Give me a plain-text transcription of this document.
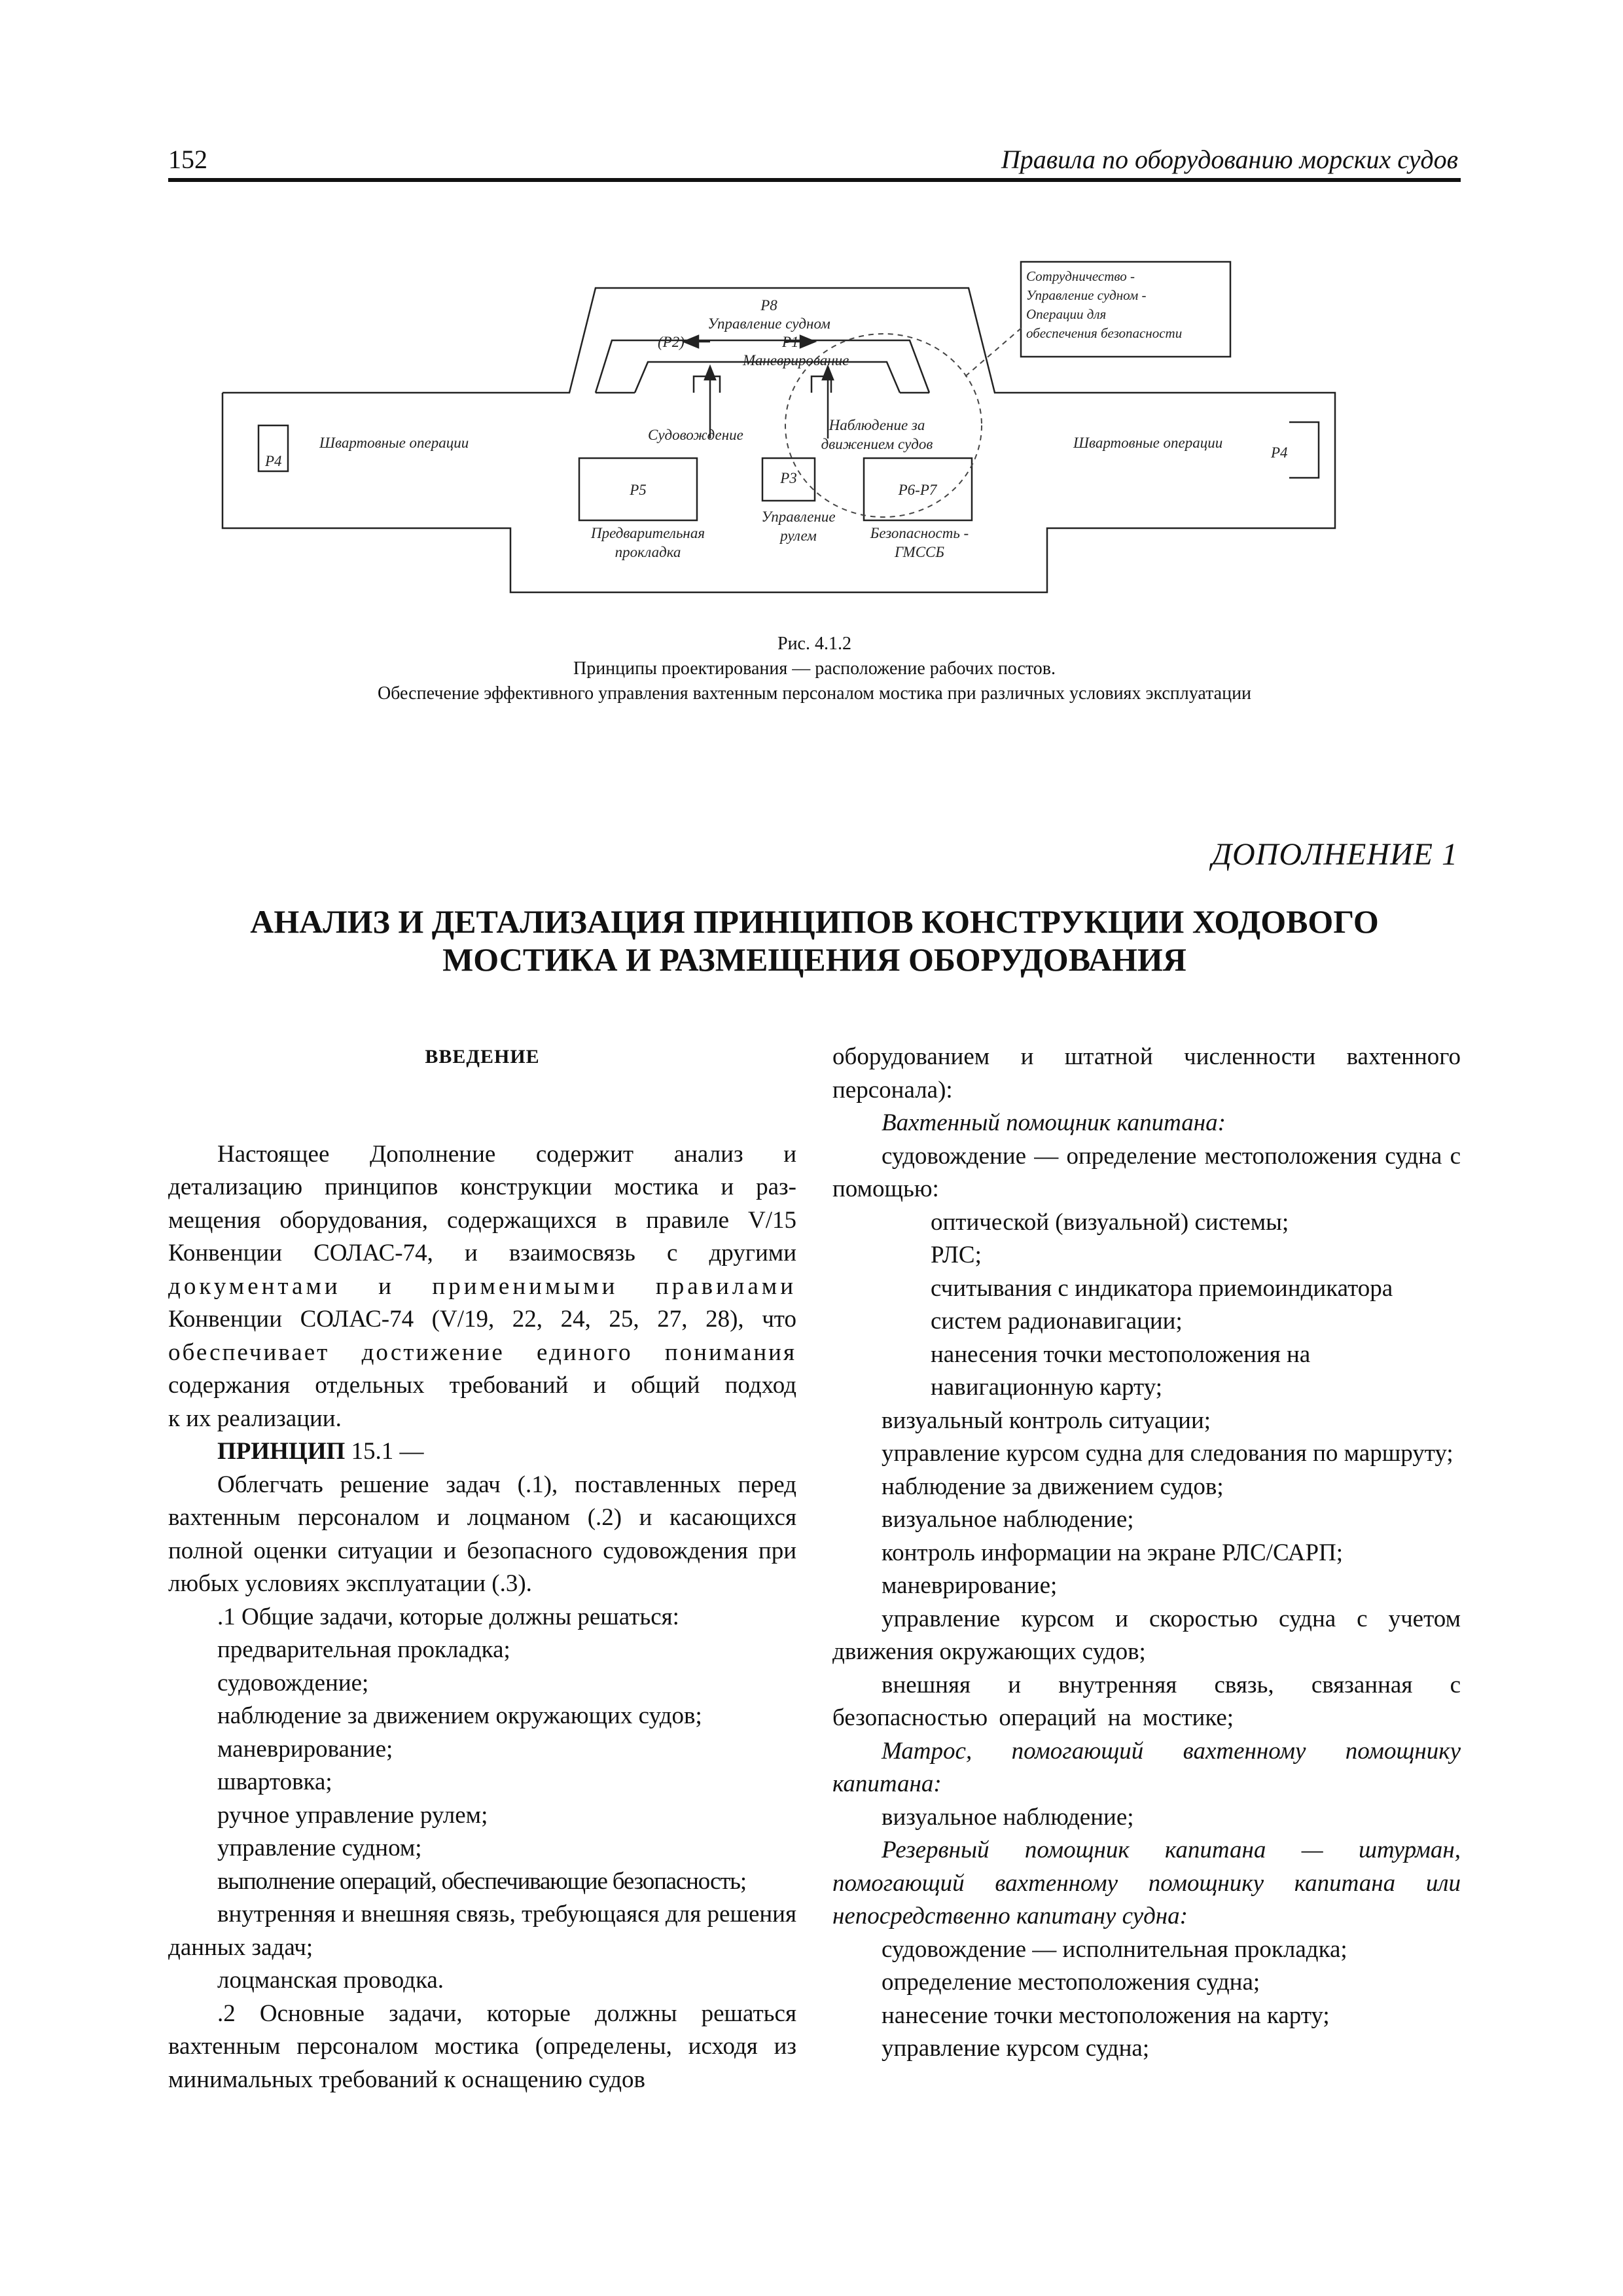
152	Правила по оборудованию морских судов
P8
Управление судном
(P2)	P1
Маневрирование
Сотрудничество -
Управление судном -
Операции для
обеспечения безопасности
P4
Швартовные операции	Судовождение
Наблюдение за
движением судов	Швартовные операции
P4
P5
P3
P6-P7
Управление
рулем
Предварительная
прокладка
Безопасность -
ГМССБ
Рис. 4.1.2
Принципы проектирования — расположение рабочих постов.
Обеспечение эффективного управления вахтенным персоналом мостика при различных условиях эксплуатации
ДОПОЛНЕНИЕ 1
АНАЛИЗ И ДЕТАЛИЗАЦИЯ ПРИНЦИПОВ КОНСТРУКЦИИ ХОДОВОГО
МОСТИКА И РАЗМЕЩЕНИЯ ОБОРУДОВАНИЯ

ВВЕДЕНИЕ

Настоящее Дополнение содержит анализ и

детализацию принципов конструкции мостика и раз-

мещения оборудования, содержащихся в правиле V/15

Конвенции СОЛАС-74, и взаимосвязь с другими

документами и применимыми правилами

Конвенции СОЛАС-74 (V/19, 22, 24, 25, 27, 28), что

обеспечивает достижение единого понимания

содержания отдельных требований и общий подход

к их реализации.

ПРИНЦИП 15.1 —

Облегчать решение задач (.1), поставленных перед вахтенным персоналом и лоцманом (.2) и касающихся полной оценки ситуации и безопасного судовождения при любых условиях эксплуатации (.3).

.1 Общие задачи, которые должны решаться:

предварительная прокладка;

судовождение;

наблюдение за движением окружающих судов;

маневрирование;

швартовка;

ручное управление рулем;

управление судном;

выполнение операций, обеспечивающие безопасность;

внутренняя и внешняя связь, требующаяся для решения данных задач;

лоцманская проводка.

.2 Основные задачи, которые должны решаться вахтенным персоналом мостика (определены, исходя из минимальных требований к оснащению судов

оборудованием и штатной численности вахтенного персонала):

Вахтенный помощник капитана:

судовождение — определение местоположения судна с помощью:

оптической (визуальной) системы;

РЛС;

считывания с индикатора приемоиндикатора систем радионавигации;

нанесения точки местоположения на навигационную карту;

визуальный контроль ситуации;

управление курсом судна для следования по маршруту;

наблюдение за движением судов;

визуальное наблюдение;

контроль информации на экране РЛС/САРП;

маневрирование;

управление курсом и скоростью судна с учетом движения окружающих судов;

внешняя и внутренняя связь, связанная с безопасностью операций на мостике;

Матрос, помогающий вахтенному помощнику капитана:

визуальное наблюдение;

Резервный помощник капитана — штурман, помогающий вахтенному помощнику капитана или непосредственно капитану судна:

судовождение — исполнительная прокладка;

определение местоположения судна;

нанесение точки местоположения на карту;

управление курсом судна;
